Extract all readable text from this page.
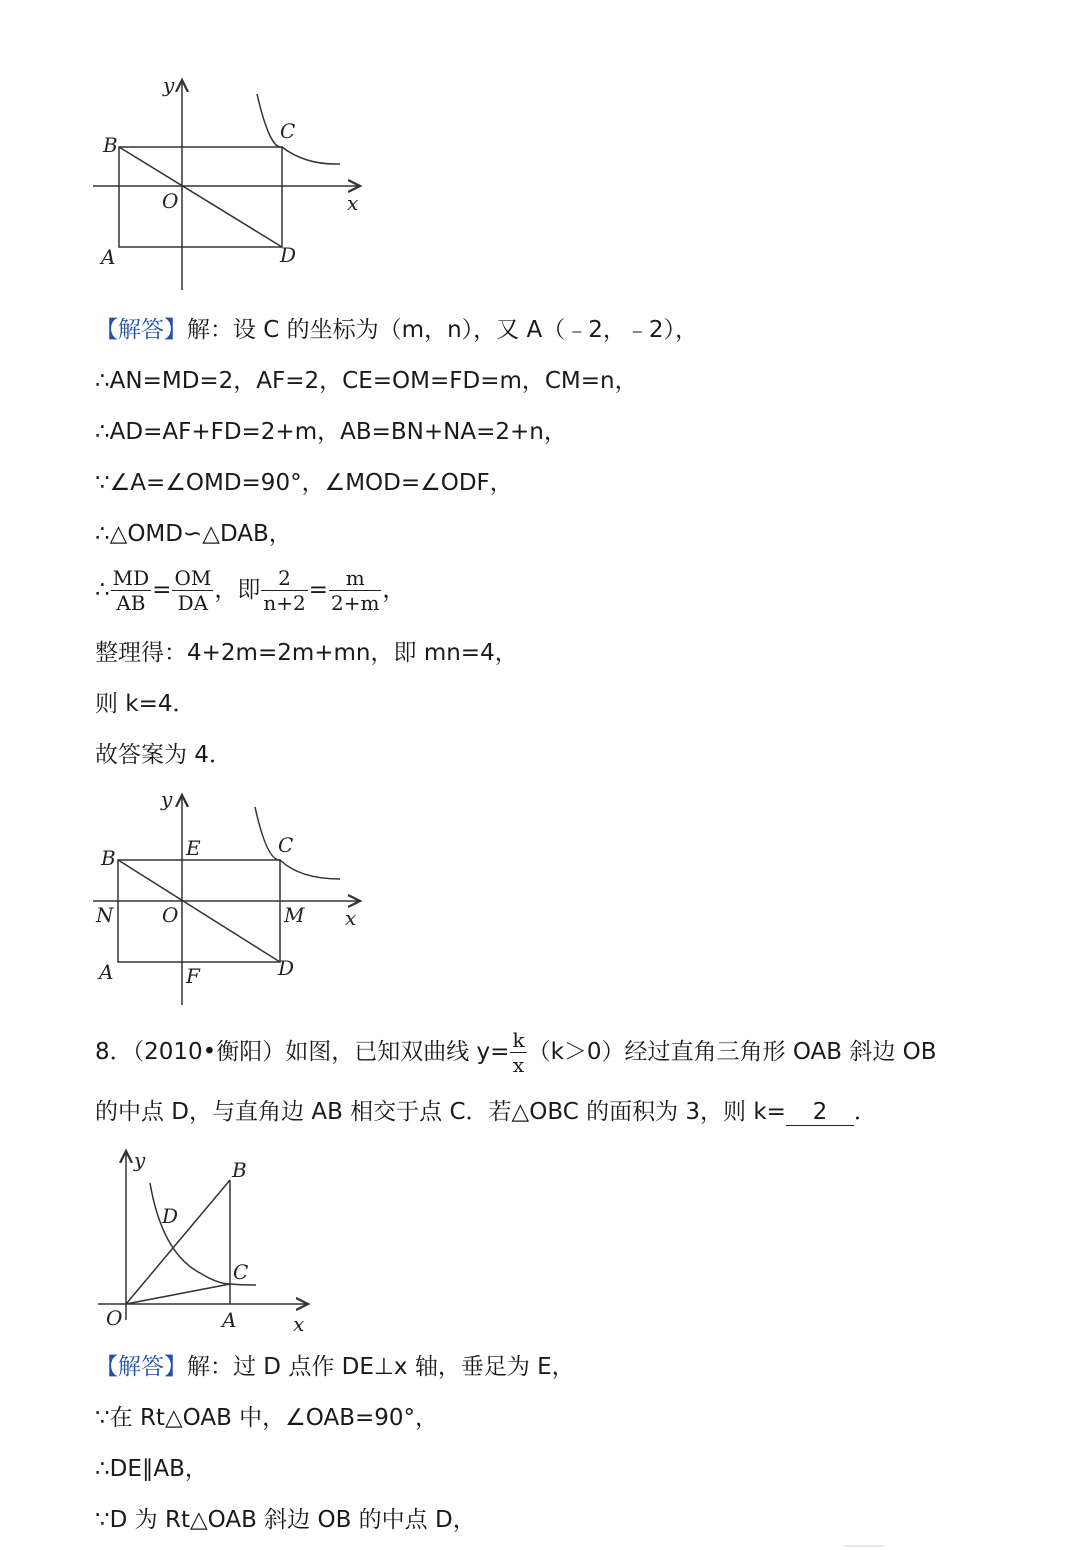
y
x
O
B
A
C
D
【解答】解：设 C 的坐标为（m，n），又 A（﹣2，﹣2），
∴AN=MD=2，AF=2，CE=OM=FD=m，CM=n，
∴AD=AF+FD=2+m，AB=BN+NA=2+n，
∵∠A=∠OMD=90°，∠MOD=∠ODF，
∴△OMD∽△DAB，
∴ $\frac{MD}{AB} = \frac{OM}{DA}$ ，即 $\frac{2}{n+2} = \frac{m}{2+m}$ ，
整理得：4+2m=2m+mn，即 mn=4，
则 k=4．
故答案为 4．
y
x
O
B
A
C
D
E
F
N	M
8．（2010•衡阳）如图，已知双曲线 $y= \frac{k}{x} (k>0)$经过直角三角形 OAB 斜边 OB
的中点 D，与直角边 AB 相交于点 C．若△OBC 的面积为 3，则 k= 2 ．
y
x
O	A
B
C
D
【解答】解：过 D 点作 DE⊥x 轴，垂足为 E，
∵在 Rt△OAB 中，∠OAB=90°，
∴DE∥AB，
∵D 为 Rt△OAB 斜边 OB 的中点 D，
